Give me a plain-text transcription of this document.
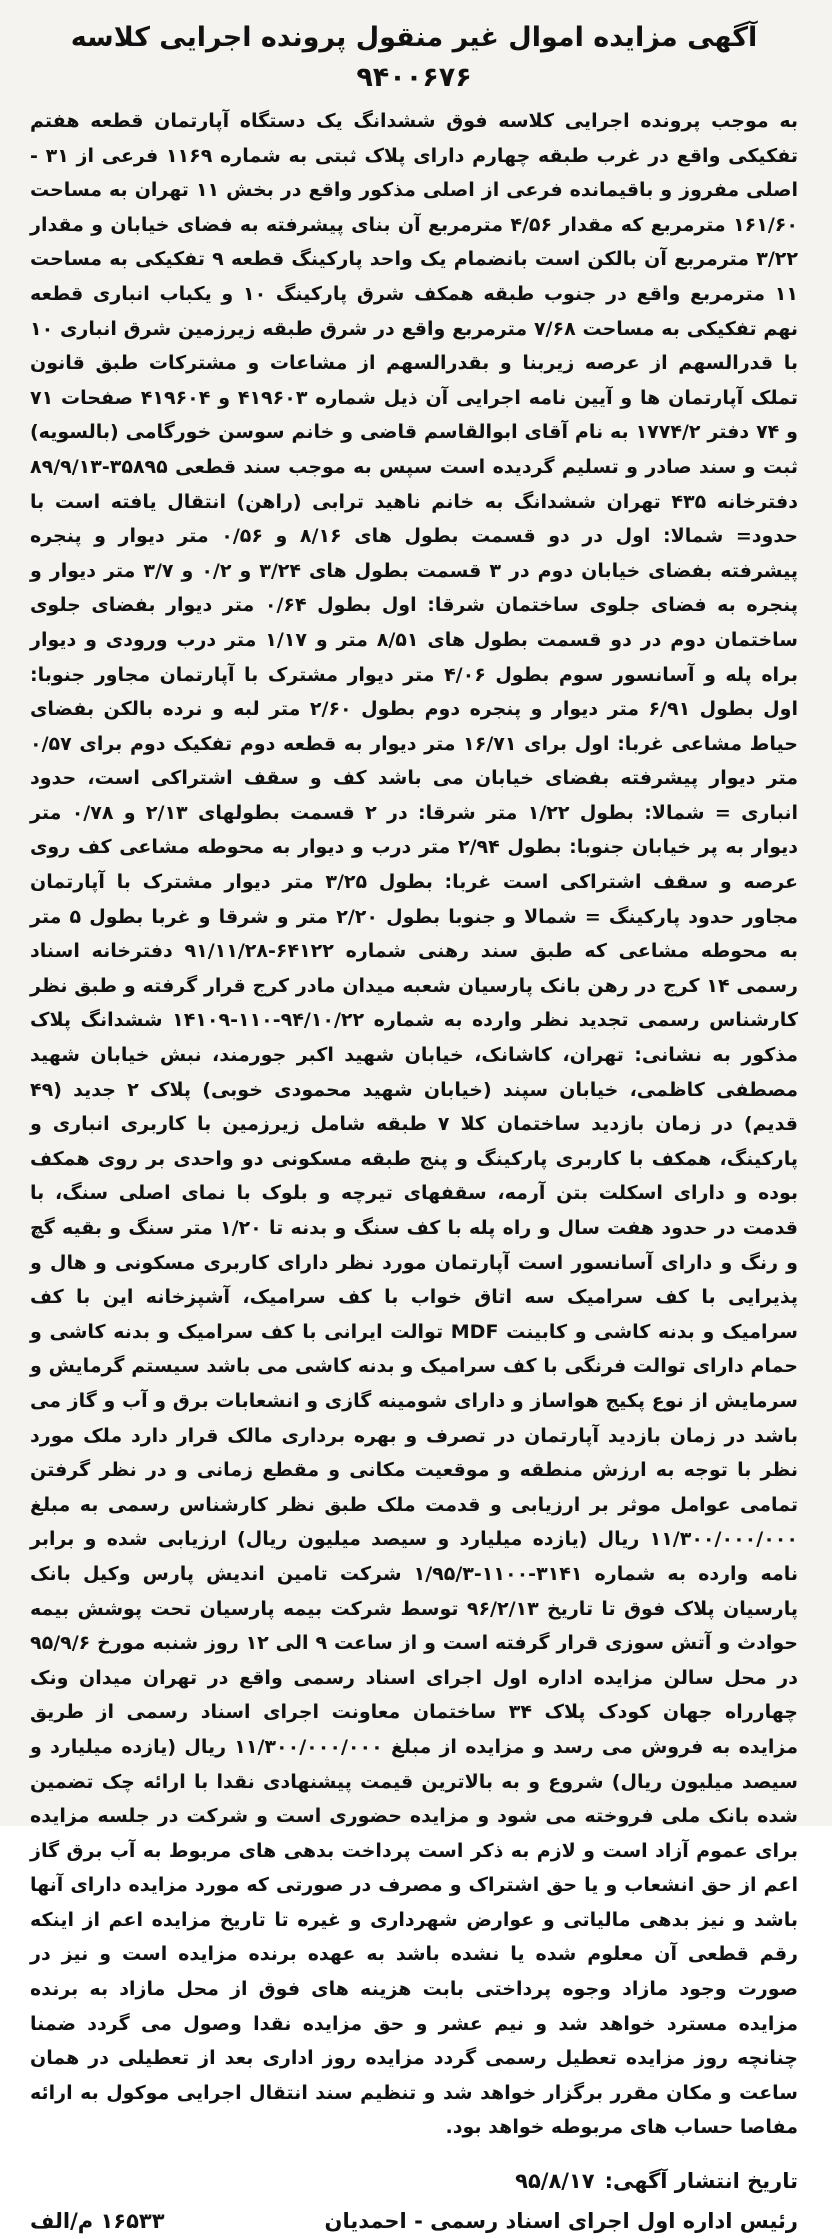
آگهی مزایده اموال غیر منقول پرونده اجرایی کلاسه ۹۴۰۰۶۷۶

به موجب پرونده اجرایی کلاسه فوق ششدانگ یک دستگاه آپارتمان قطعه هفتم تفکیکی واقع در غرب طبقه چهارم دارای پلاک ثبتی به شماره ۱۱۶۹ فرعی از ۳۱ - اصلی مفروز و باقیمانده فرعی از اصلی مذکور واقع در بخش ۱۱ تهران به مساحت ۱۶۱/۶۰ مترمربع که مقدار ۴/۵۶ مترمربع آن بنای پیشرفته به فضای خیابان و مقدار ۳/۲۲ مترمربع آن بالکن است بانضمام یک واحد پارکینگ قطعه ۹ تفکیکی به مساحت ۱۱ مترمربع واقع در جنوب طبقه همکف شرق پارکینگ ۱۰ و یکباب انباری قطعه نهم تفکیکی به مساحت ۷/۶۸ مترمربع واقع در شرق طبقه زیرزمین شرق انباری ۱۰ با قدرالسهم از عرصه زیربنا و بقدرالسهم از مشاعات و مشترکات طبق قانون تملک آپارتمان ها و آیین نامه اجرایی آن ذیل شماره ۴۱۹۶۰۳ و ۴۱۹۶۰۴ صفحات ۷۱ و ۷۴ دفتر ۱۷۷۴/۲ به نام آقای ابوالقاسم قاضی و خانم سوسن خورگامی (بالسویه) ثبت و سند صادر و تسلیم گردیده است سپس به موجب سند قطعی ۳۵۸۹۵-۸۹/۹/۱۳ دفترخانه ۴۳۵ تهران ششدانگ به خانم ناهید ترابی (راهن) انتقال یافته است با حدود= شمالا: اول در دو قسمت بطول های ۸/۱۶ و ۰/۵۶ متر دیوار و پنجره پیشرفته بفضای خیابان دوم در ۳ قسمت بطول های ۳/۲۴ و ۰/۲ و ۳/۷ متر دیوار و پنجره به فضای جلوی ساختمان شرقا: اول بطول ۰/۶۴ متر دیوار بفضای جلوی ساختمان دوم در دو قسمت بطول های ۸/۵۱ متر و ۱/۱۷ متر درب ورودی و دیوار براه پله و آسانسور سوم بطول ۴/۰۶ متر دیوار مشترک با آپارتمان مجاور جنوبا: اول بطول ۶/۹۱ متر دیوار و پنجره دوم بطول ۲/۶۰ متر لبه و نرده بالکن بفضای حیاط مشاعی غربا: اول برای ۱۶/۷۱ متر دیوار به قطعه دوم تفکیک دوم برای ۰/۵۷ متر دیوار پیشرفته بفضای خیابان می باشد کف و سقف اشتراکی است، حدود انباری = شمالا: بطول ۱/۲۲ متر شرقا: در ۲ قسمت بطولهای ۲/۱۳ و ۰/۷۸ متر دیوار به پر خیابان جنوبا: بطول ۲/۹۴ متر درب و دیوار به محوطه مشاعی کف روی عرصه و سقف اشتراکی است غربا: بطول ۳/۲۵ متر دیوار مشترک با آپارتمان مجاور حدود پارکینگ = شمالا و جنوبا بطول ۲/۲۰ متر و شرقا و غربا بطول ۵ متر به محوطه مشاعی که طبق سند رهنی شماره ۶۴۱۲۲-۹۱/۱۱/۲۸ دفترخانه اسناد رسمی ۱۴ کرج در رهن بانک پارسیان شعبه میدان مادر کرج قرار گرفته و طبق نظر کارشناس رسمی تجدید نظر وارده به شماره ۹۴/۱۰/۲۲-۱۱۰-۱۴۱۰۹ ششدانگ پلاک مذکور به نشانی: تهران، کاشانک، خیابان شهید اکبر جورمند، نبش خیابان شهید مصطفی کاظمی، خیابان سپند (خیابان شهید محمودی خوبی) پلاک ۲ جدید (۴۹ قدیم) در زمان بازدید ساختمان کلا ۷ طبقه شامل زیرزمین با کاربری انباری و پارکینگ، همکف با کاربری پارکینگ و پنج طبقه مسکونی دو واحدی بر روی همکف بوده و دارای اسکلت بتن آرمه، سقفهای تیرچه و بلوک با نمای اصلی سنگ، با قدمت در حدود هفت سال و راه پله با کف سنگ و بدنه تا ۱/۲۰ متر سنگ و بقیه گچ و رنگ و دارای آسانسور است آپارتمان مورد نظر دارای کاربری مسکونی و هال و پذیرایی با کف سرامیک سه اتاق خواب با کف سرامیک، آشپزخانه این با کف سرامیک و بدنه کاشی و کابینت MDF توالت ایرانی با کف سرامیک و بدنه کاشی و حمام دارای توالت فرنگی با کف سرامیک و بدنه کاشی می باشد سیستم گرمایش و سرمایش از نوع پکیج هواساز و دارای شومینه گازی و انشعابات برق و آب و گاز می باشد در زمان بازدید آپارتمان در تصرف و بهره برداری مالک قرار دارد ملک مورد نظر با توجه به ارزش منطقه و موقعیت مکانی و مقطع زمانی و در نظر گرفتن تمامی عوامل موثر بر ارزیابی و قدمت ملک طبق نظر کارشناس رسمی به مبلغ ۱۱/۳۰۰/۰۰۰/۰۰۰ ریال (یازده میلیارد و سیصد میلیون ریال) ارزیابی شده و برابر نامه وارده به شماره ۳۱۴۱-۱۱۰۰-۱/۹۵/۳ شرکت تامین اندیش پارس وکیل بانک پارسیان پلاک فوق تا تاریخ ۹۶/۲/۱۳ توسط شرکت بیمه پارسیان تحت پوشش بیمه حوادث و آتش سوزی قرار گرفته است و از ساعت ۹ الی ۱۲ روز شنبه مورخ ۹۵/۹/۶ در محل سالن مزایده اداره اول اجرای اسناد رسمی واقع در تهران میدان ونک چهارراه جهان کودک پلاک ۳۴ ساختمان معاونت اجرای اسناد رسمی از طریق مزایده به فروش می رسد و مزایده از مبلغ ۱۱/۳۰۰/۰۰۰/۰۰۰ ریال (یازده میلیارد و سیصد میلیون ریال) شروع و به بالاترین قیمت پیشنهادی نقدا با ارائه چک تضمین شده بانک ملی فروخته می شود و مزایده حضوری است و شرکت در جلسه مزایده برای عموم آزاد است و لازم به ذکر است پرداخت بدهی های مربوط به آب برق گاز اعم از حق انشعاب و یا حق اشتراک و مصرف در صورتی که مورد مزایده دارای آنها باشد و نیز بدهی مالیاتی و عوارض شهرداری و غیره تا تاریخ مزایده اعم از اینکه رقم قطعی آن معلوم شده یا نشده باشد به عهده برنده مزایده است و نیز در صورت وجود مازاد وجوه پرداختی بابت هزینه های فوق از محل مازاد به برنده مزایده مسترد خواهد شد و نیم عشر و حق مزایده نقدا وصول می گردد ضمنا چنانچه روز مزایده تعطیل رسمی گردد مزایده روز اداری بعد از تعطیلی در همان ساعت و مکان مقرر برگزار خواهد شد و تنظیم سند انتقال اجرایی موکول به ارائه مفاصا حساب های مربوطه خواهد بود.

تاریخ انتشار آگهی:
۹۵/۸/۱۷
رئیس اداره اول اجرای اسناد رسمی - احمدیان
۱۶۵۳۳ م/الف
